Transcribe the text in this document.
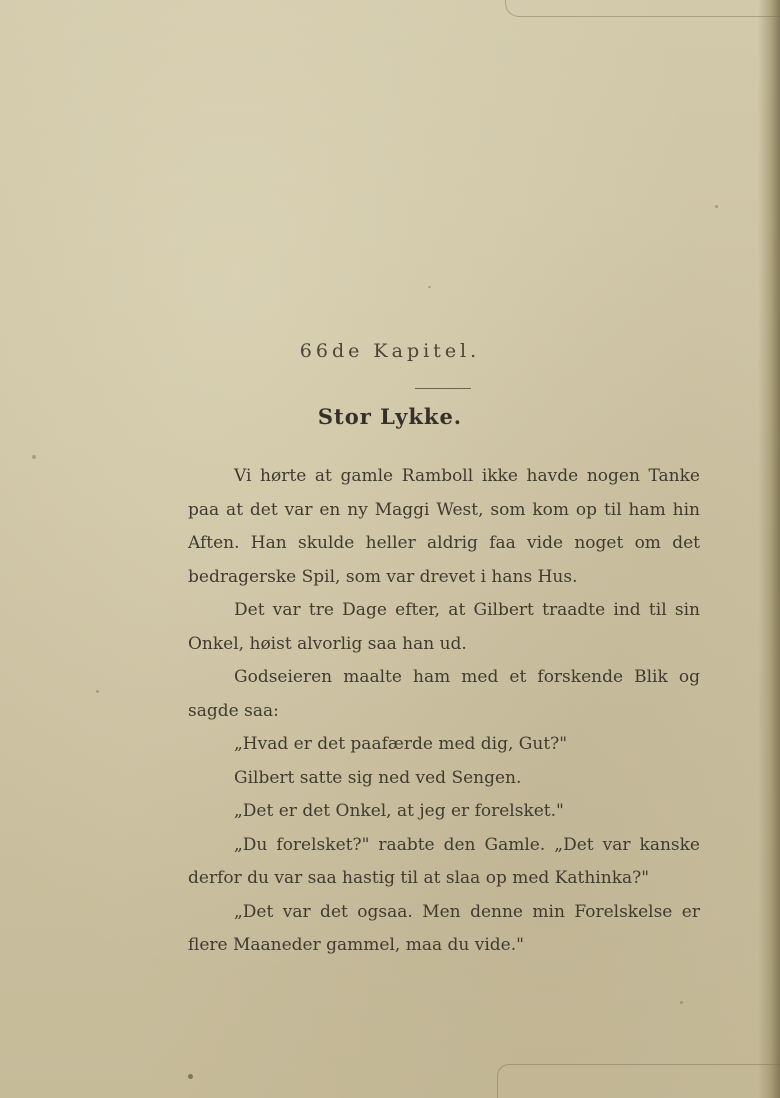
66de Kapitel.
Stor Lykke.

Vi hørte at gamle Ramboll ikke havde nogen Tanke paa at det var en ny Maggi West, som kom op til ham hin Aften. Han skulde heller aldrig faa vide noget om det bedragerske Spil, som var drevet i hans Hus.

Det var tre Dage efter, at Gilbert traadte ind til sin Onkel, høist alvorlig saa han ud.

Godseieren maalte ham med et forskende Blik og sagde saa:

„Hvad er det paafærde med dig, Gut?"

Gilbert satte sig ned ved Sengen.

„Det er det Onkel, at jeg er forelsket."

„Du forelsket?" raabte den Gamle. „Det var kanske derfor du var saa hastig til at slaa op med Kathinka?"

„Det var det ogsaa. Men denne min Forelskelse er flere Maaneder gammel, maa du vide."
